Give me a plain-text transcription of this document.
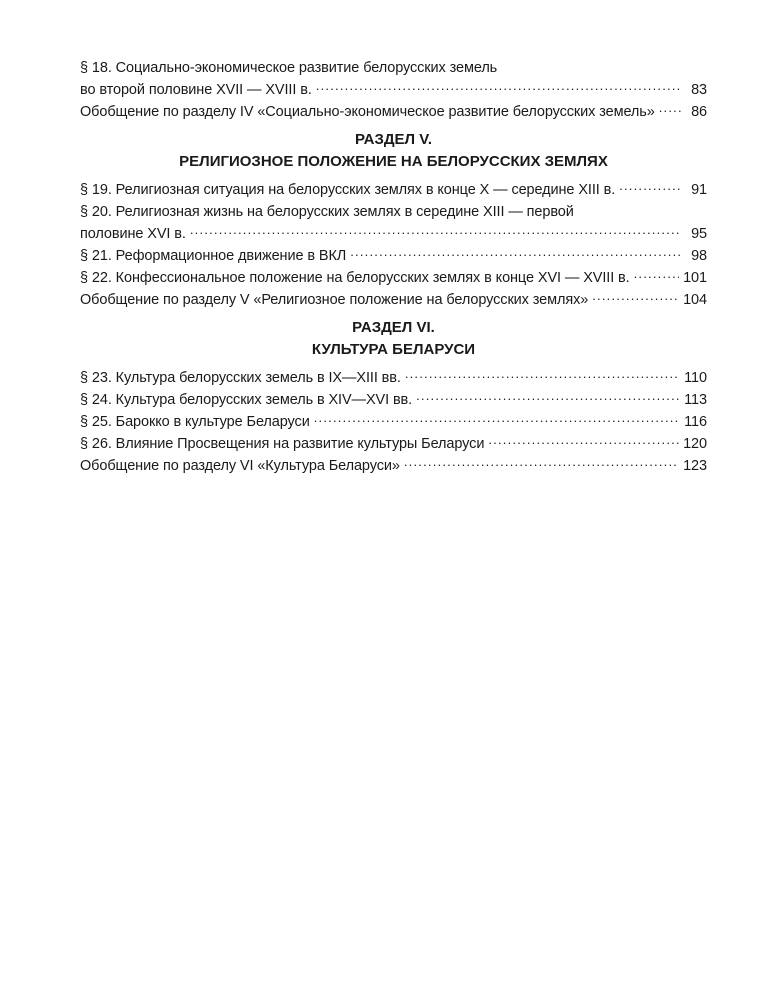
§ 18. Социально-экономическое развитие белорусских земель
во второй половине XVII — XVIII в. .....	83
Обобщение по разделу IV «Социально-экономическое развитие белорусских земель» .....	86
РАЗДЕЛ V.
РЕЛИГИОЗНОЕ ПОЛОЖЕНИЕ НА БЕЛОРУССКИХ ЗЕМЛЯХ
§ 19. Религиозная ситуация на белорусских землях в конце X — середине XIII в. .....	91
§ 20. Религиозная жизнь на белорусских землях в середине XIII — первой
половине XVI в. .....	95
§ 21. Реформационное движение в ВКЛ .....	98
§ 22. Конфессиональное положение на белорусских землях в конце XVI — XVIII в. .....	101
Обобщение по разделу V «Религиозное положение на белорусских землях» .....	104
РАЗДЕЛ VI.
КУЛЬТУРА БЕЛАРУСИ
§ 23. Культура белорусских земель в IX—XIII вв. .....	110
§ 24. Культура белорусских земель в XIV—XVI вв. .....	113
§ 25. Барокко в культуре Беларуси .....	116
§ 26. Влияние Просвещения на развитие культуры Беларуси .....	120
Обобщение по разделу VI «Культура Беларуси» .....	123
